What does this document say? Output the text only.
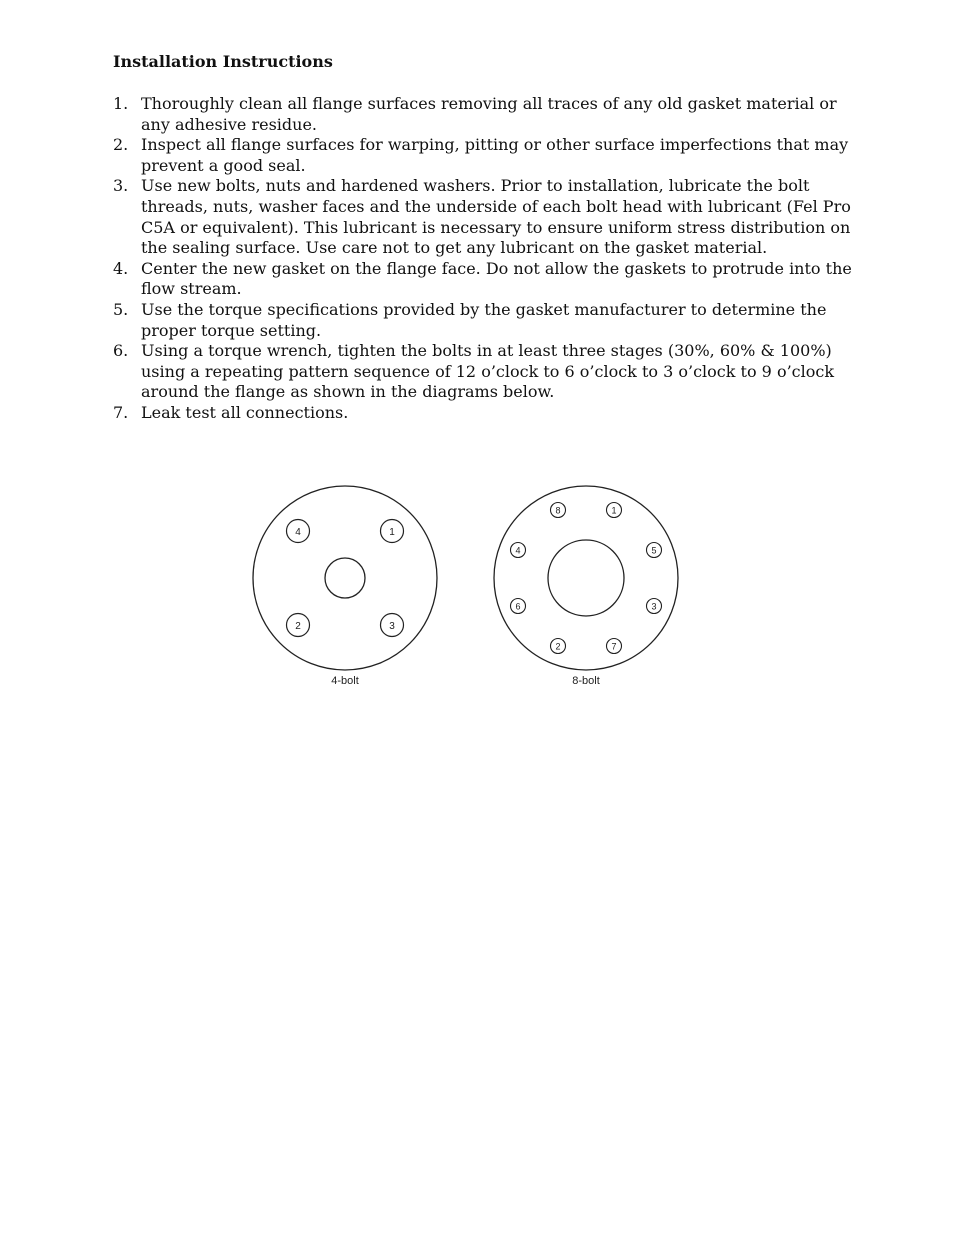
Installation Instructions
1. Thoroughly clean all flange surfaces removing all traces of any old gasket material or any adhesive residue.
2. Inspect all flange surfaces for warping, pitting or other surface imperfections that may prevent a good seal.
3. Use new bolts, nuts and hardened washers. Prior to installation, lubricate the bolt threads, nuts, washer faces and the underside of each bolt head with lubricant (Fel Pro C5A or equivalent). This lubricant is necessary to ensure uniform stress distribution on the sealing surface. Use care not to get any lubricant on the gasket material.
4. Center the new gasket on the flange face. Do not allow the gaskets to protrude into the flow stream.
5. Use the torque specifications provided by the gasket manufacturer to determine the proper torque setting.
6. Using a torque wrench, tighten the bolts in at least three stages (30%, 60% & 100%) using a repeating pattern sequence of 12 o’clock to 6 o’clock to 3 o’clock to 9 o’clock around the flange as shown in the diagrams below.
7. Leak test all connections.
4	1
2	3
4-bolt
8	1
4	5
6	3
2	7
8-bolt
